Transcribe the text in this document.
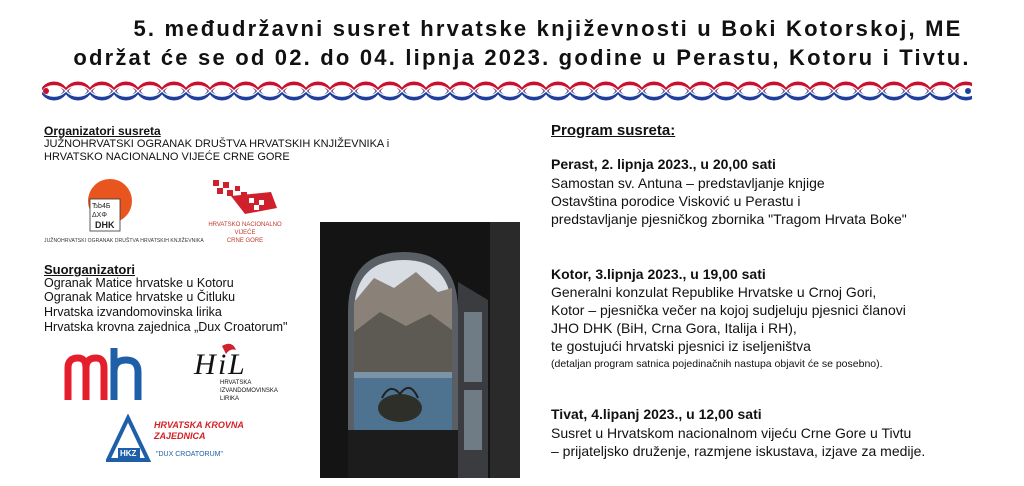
5. međudržavni susret hrvatske književnosti u Boki Kotorskoj, ME
održat će se od 02. do 04. lipnja 2023. godine u Perastu, Kotoru i Tivtu.
Organizatori susreta
JUŽNOHRVATSKI OGRANAK DRUŠTVA HRVATSKIH KNJIŽEVNIKA i
HRVATSKO NACIONALNO VIJEĆE CRNE GORE
Ђb4Б
ΔXΦ
DHK
JUŽNOHRVATSKI OGRANAK DRUŠTVA HRVATSKIH KNJIŽEVNIKA
HRVATSKO NACIONALNO
VIJEĆE
CRNE GORE
Suorganizatori
Ogranak Matice hrvatske u Kotoru
Ogranak Matice hrvatske u Čitluku
Hrvatska izvandomovinska lirika
Hrvatska krovna zajednica „Dux Croatorum"
H i L
HRVATSKA
IZVANDOMOVINSKA
LIRIKA
HKZ
HRVATSKA KROVNA
ZAJEDNICA
"DUX CROATORUM"
Program susreta:
Perast, 2. lipnja 2023., u 20,00 sati
Samostan sv. Antuna – predstavljanje knjige
Ostavština porodice Visković u Perastu i
predstavljanje pjesničkog zbornika "Tragom Hrvata Boke"
Kotor, 3.lipnja 2023., u 19,00 sati
Generalni konzulat Republike Hrvatske u Crnoj Gori,
Kotor – pjesnička večer na kojoj sudjeluju pjesnici članovi
JHO DHK (BiH, Crna Gora, Italija i RH),
te gostujući hrvatski pjesnici iz iseljeništva
(detaljan program satnica pojedinačnih nastupa objavit će se posebno).
Tivat, 4.lipanj 2023., u 12,00 sati
Susret u Hrvatskom nacionalnom vijeću Crne Gore u Tivtu
– prijateljsko druženje, razmjene iskustava, izjave za medije.
